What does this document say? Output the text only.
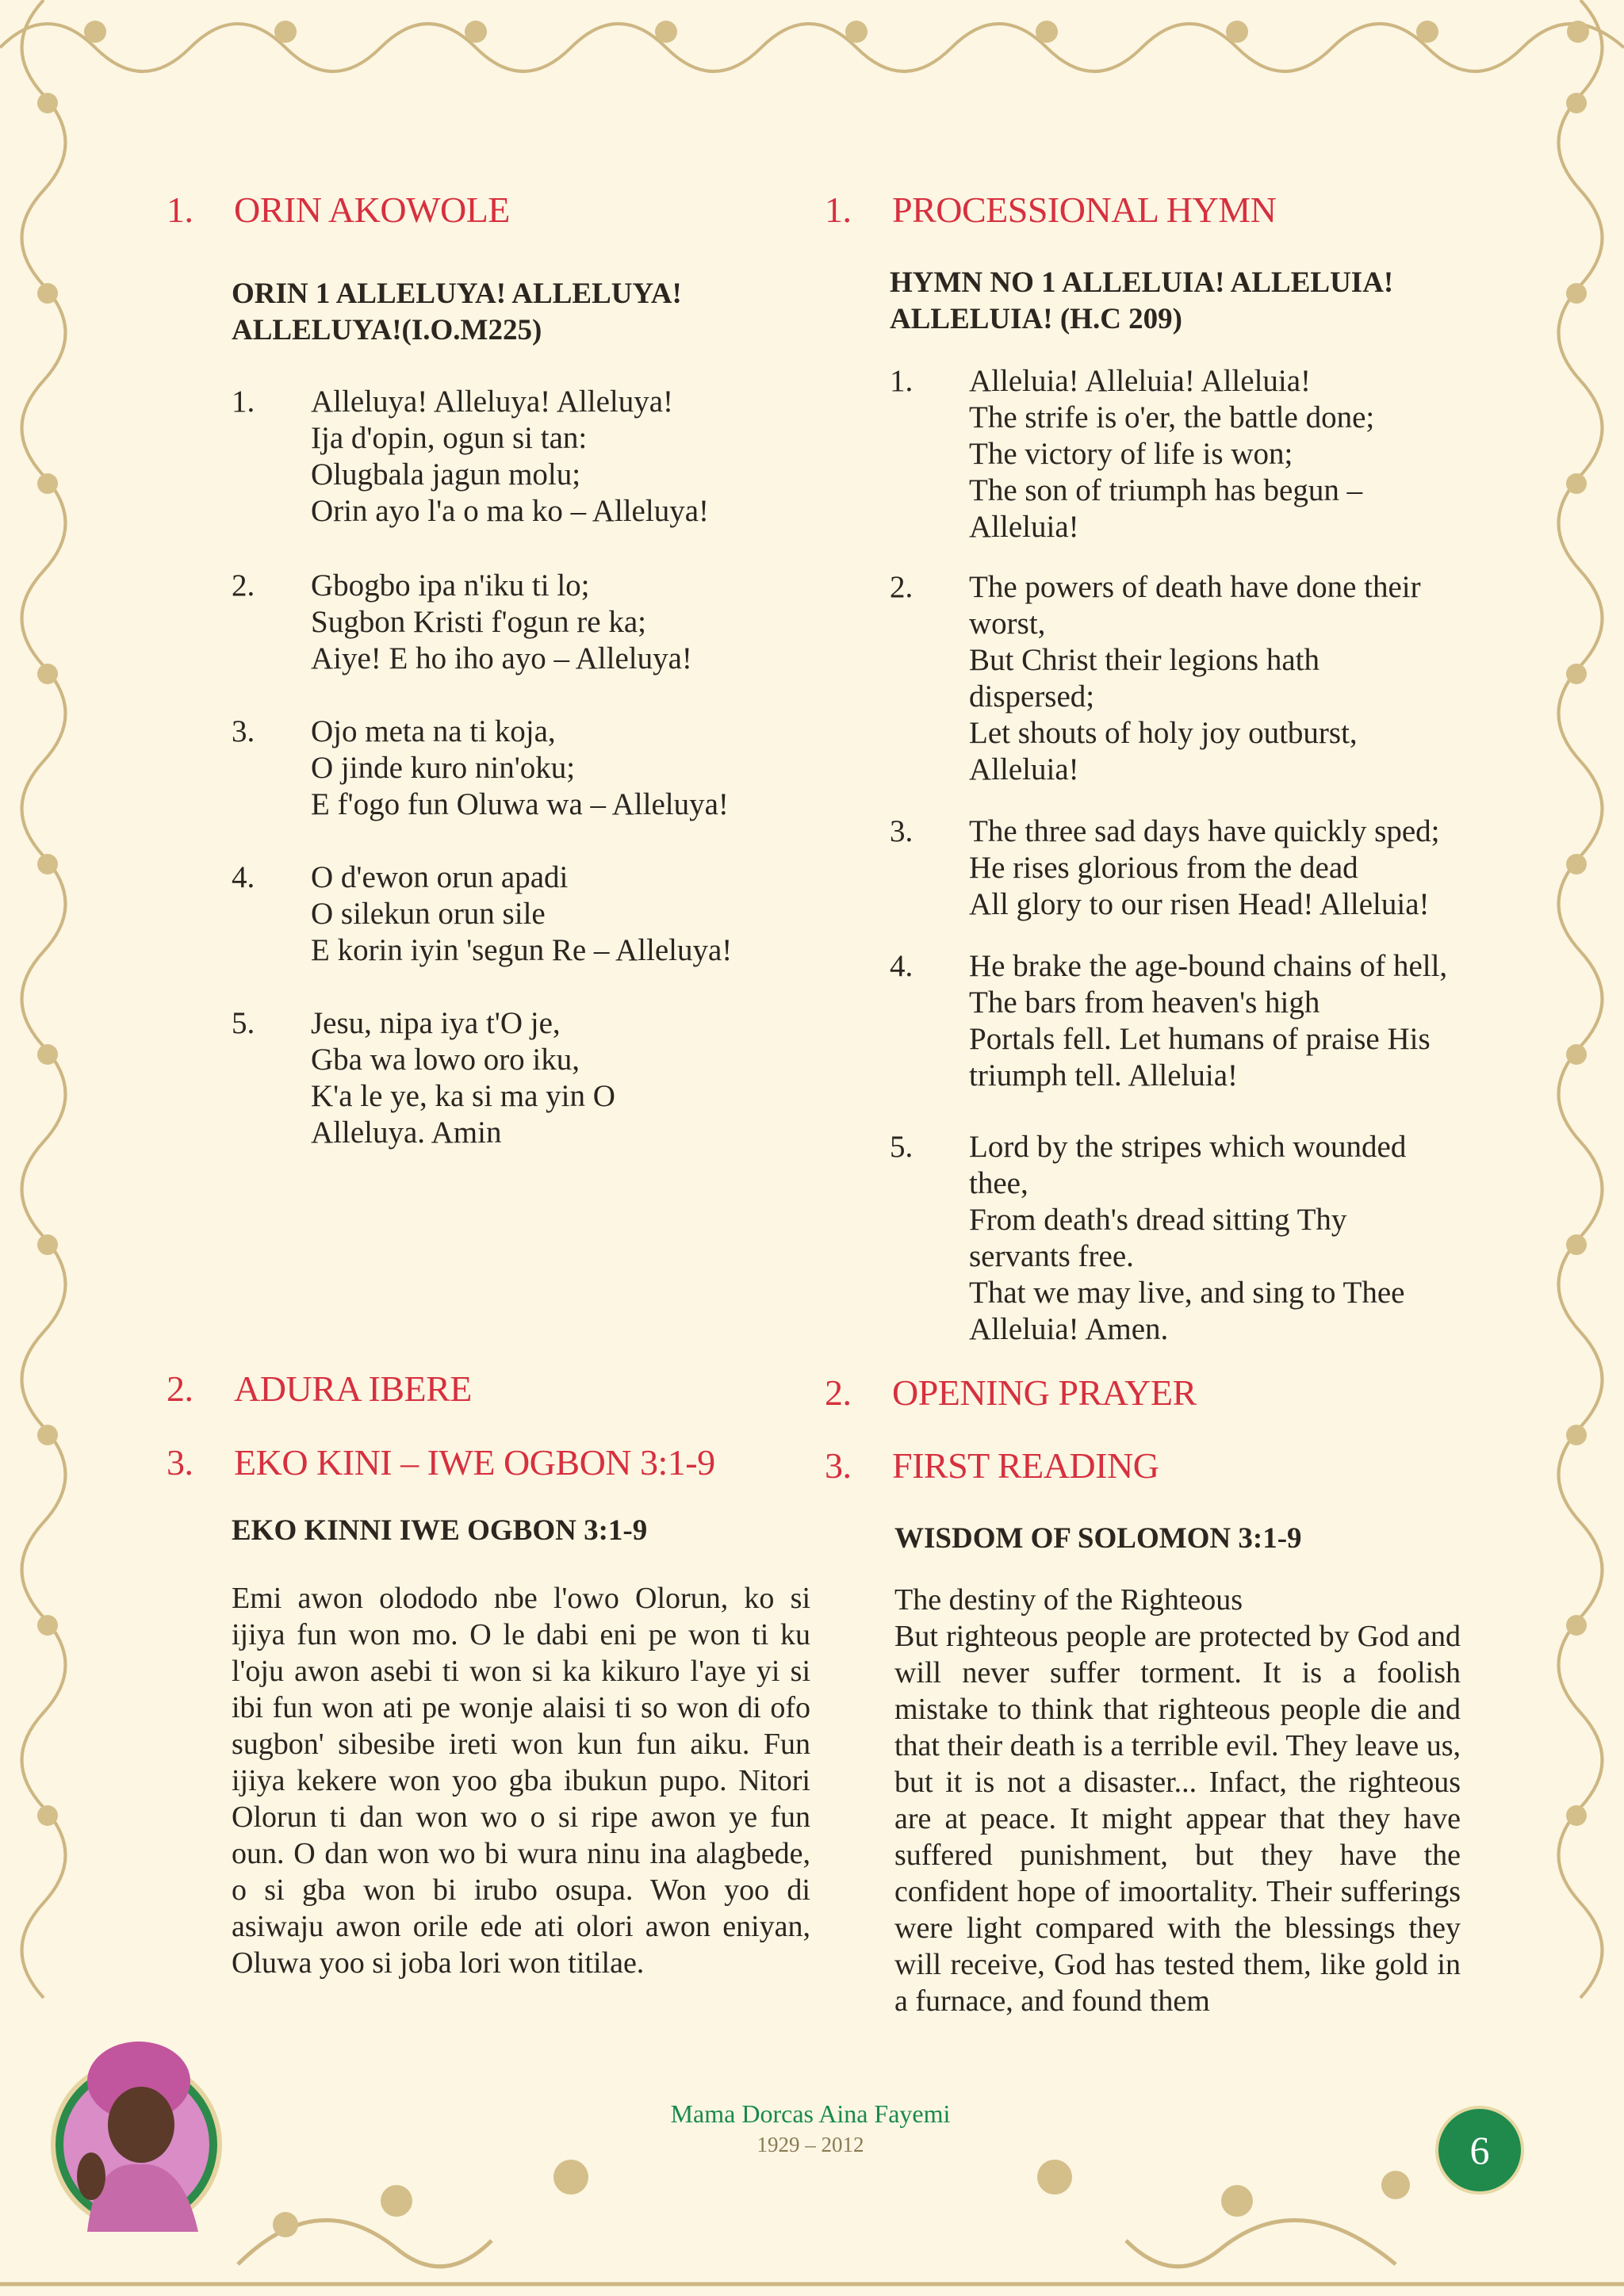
1.	ORIN AKOWOLE
ORIN 1 ALLELUYA! ALLELUYA!
ALLELUYA!(I.O.M225)
1.	Alleluya! Alleluya! Alleluya!
Ija d'opin, ogun si tan:
Olugbala jagun molu;
Orin ayo l'a o ma ko – Alleluya!
2.	Gbogbo ipa n'iku ti lo;
Sugbon Kristi f'ogun re ka;
Aiye! E ho iho ayo – Alleluya!
3.	Ojo meta na ti koja,
O jinde kuro nin'oku;
E f'ogo fun Oluwa wa – Alleluya!
4.	O d'ewon orun apadi
O silekun orun sile
E korin iyin 'segun Re – Alleluya!
5.	Jesu, nipa iya t'O je,
Gba wa lowo oro iku,
K'a le ye, ka si ma yin O
Alleluya. Amin
2.	ADURA IBERE
3.	EKO KINI – IWE OGBON 3:1-9
EKO KINNI IWE OGBON 3:1-9

Emi awon olododo nbe l'owo Olorun, ko si ijiya fun won mo. O le dabi eni pe won ti ku l'oju awon asebi ti won si ka kikuro l'aye yi si ibi fun won ati pe wonje alaisi ti so won di ofo sugbon' sibesibe ireti won kun fun aiku. Fun ijiya kekere won yoo gba ibukun pupo. Nitori Olorun ti dan won wo o si ripe awon ye fun oun. O dan won wo bi wura ninu ina alagbede, o si gba won bi irubo osupa. Won yoo di asiwaju awon orile ede ati olori awon eniyan, Oluwa yoo si joba lori won titilae.

1.	PROCESSIONAL HYMN
HYMN NO 1 ALLELUIA! ALLELUIA!
ALLELUIA! (H.C 209)
1.	Alleluia! Alleluia! Alleluia!
The strife is o'er, the battle done;
The victory of life is won;
The son of triumph has begun –
Alleluia!
2.	The powers of death have done their
worst,
But Christ their legions hath
dispersed;
Let shouts of holy joy outburst,
Alleluia!
3.	The three sad days have quickly sped;
He rises glorious from the dead
All glory to our risen Head! Alleluia!
4.	He brake the age-bound chains of hell,
The bars from heaven's high
Portals fell. Let humans of praise His
triumph tell. Alleluia!
5.	Lord by the stripes which wounded
thee,
From death's dread sitting Thy
servants free.
That we may live, and sing to Thee
Alleluia! Amen.
2.	OPENING PRAYER
3.	FIRST READING
WISDOM OF SOLOMON 3:1-9

The destiny of the Righteous

But righteous people are protected by God and will never suffer torment. It is a foolish mistake to think that righteous people die and that their death is a terrible evil. They leave us, but it is not a disaster... Infact, the righteous are at peace. It might appear that they have suffered punishment, but they have the confident hope of imoortality. Their sufferings were light compared with the blessings they will receive, God has tested them, like gold in a furnace, and found them

Mama Dorcas Aina Fayemi
1929 – 2012	6
